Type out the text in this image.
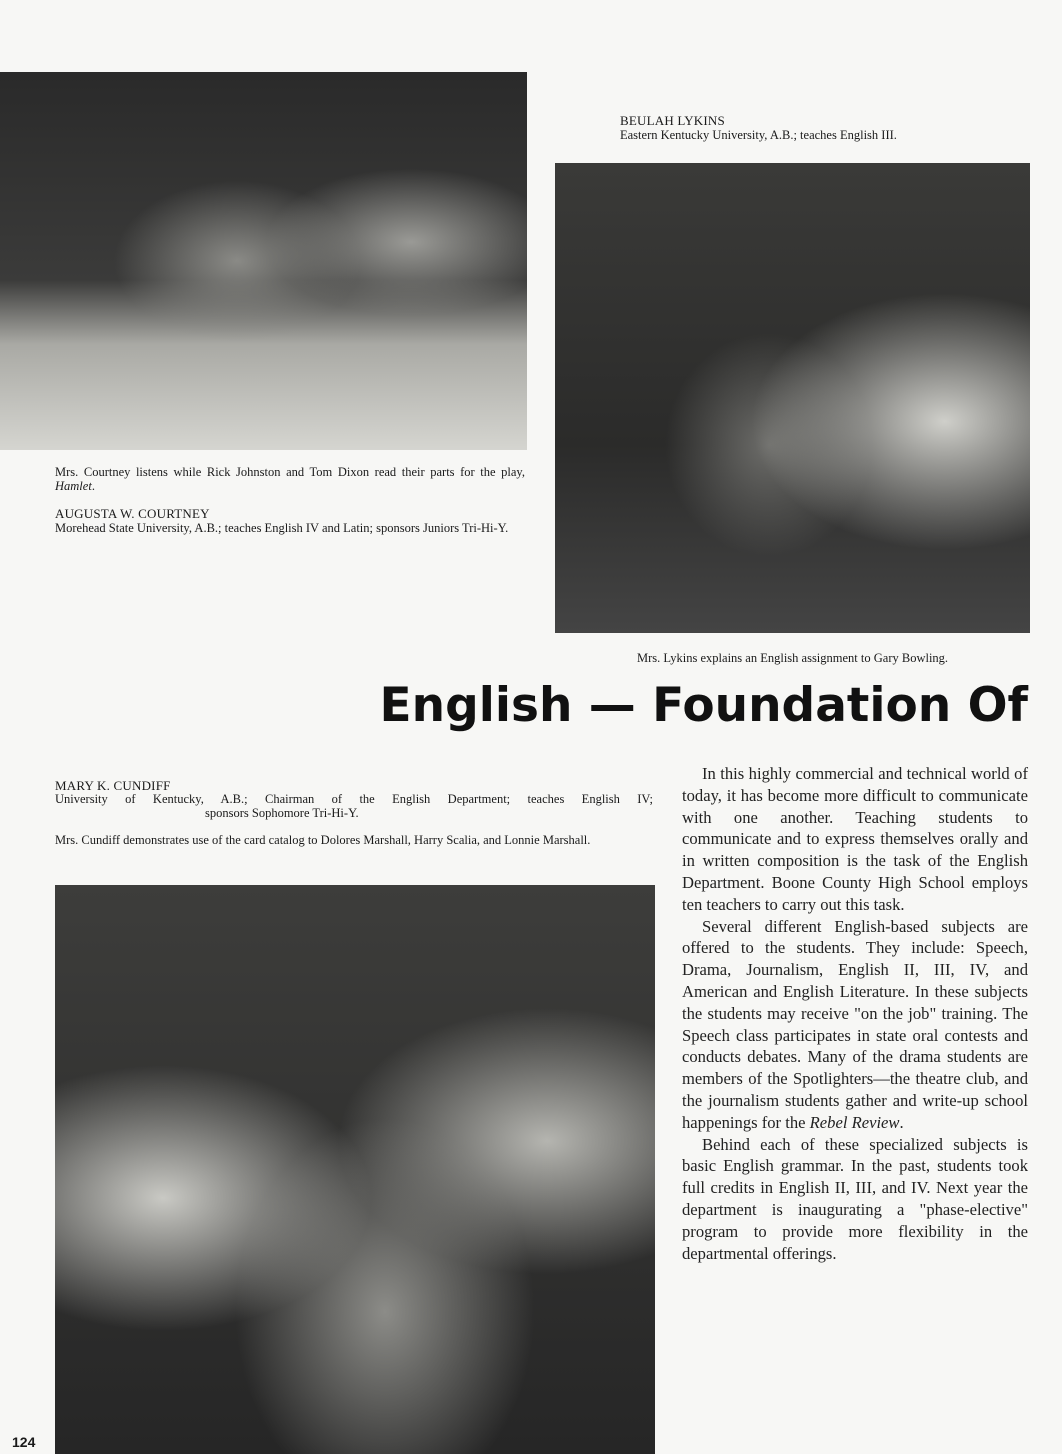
Mrs. Courtney listens while Rick Johnston and Tom Dixon read their parts for the play, Hamlet.
AUGUSTA W. COURTNEY
Morehead State University, A.B.; teaches English IV and Latin; sponsors Juniors Tri-Hi-Y.
BEULAH LYKINS
Eastern Kentucky University, A.B.; teaches English III.
Mrs. Lykins explains an English assignment to Gary Bowling.
English — Foundation Of
MARY K. CUNDIFF
University of Kentucky, A.B.; Chairman of the English Department; teaches English IV;
sponsors Sophomore Tri-Hi-Y.
Mrs. Cundiff demonstrates use of the card catalog to Dolores Marshall, Harry Scalia, and Lonnie Marshall.

In this highly commercial and technical world of today, it has become more difficult to communicate with one another. Teaching students to communicate and to express themselves orally and in written composition is the task of the English Department. Boone County High School employs ten teachers to carry out this task.

Several different English-based subjects are offered to the students. They include: Speech, Drama, Journalism, English II, III, IV, and American and English Literature. In these subjects the students may receive "on the job" training. The Speech class participates in state oral contests and conducts debates. Many of the drama students are members of the Spotlighters—the theatre club, and the journalism students gather and write-up school happenings for the Rebel Review.

Behind each of these specialized subjects is basic English grammar. In the past, students took full credits in English II, III, and IV. Next year the department is inaugurating a "phase-elective" program to provide more flexibility in the departmental offerings.

124
